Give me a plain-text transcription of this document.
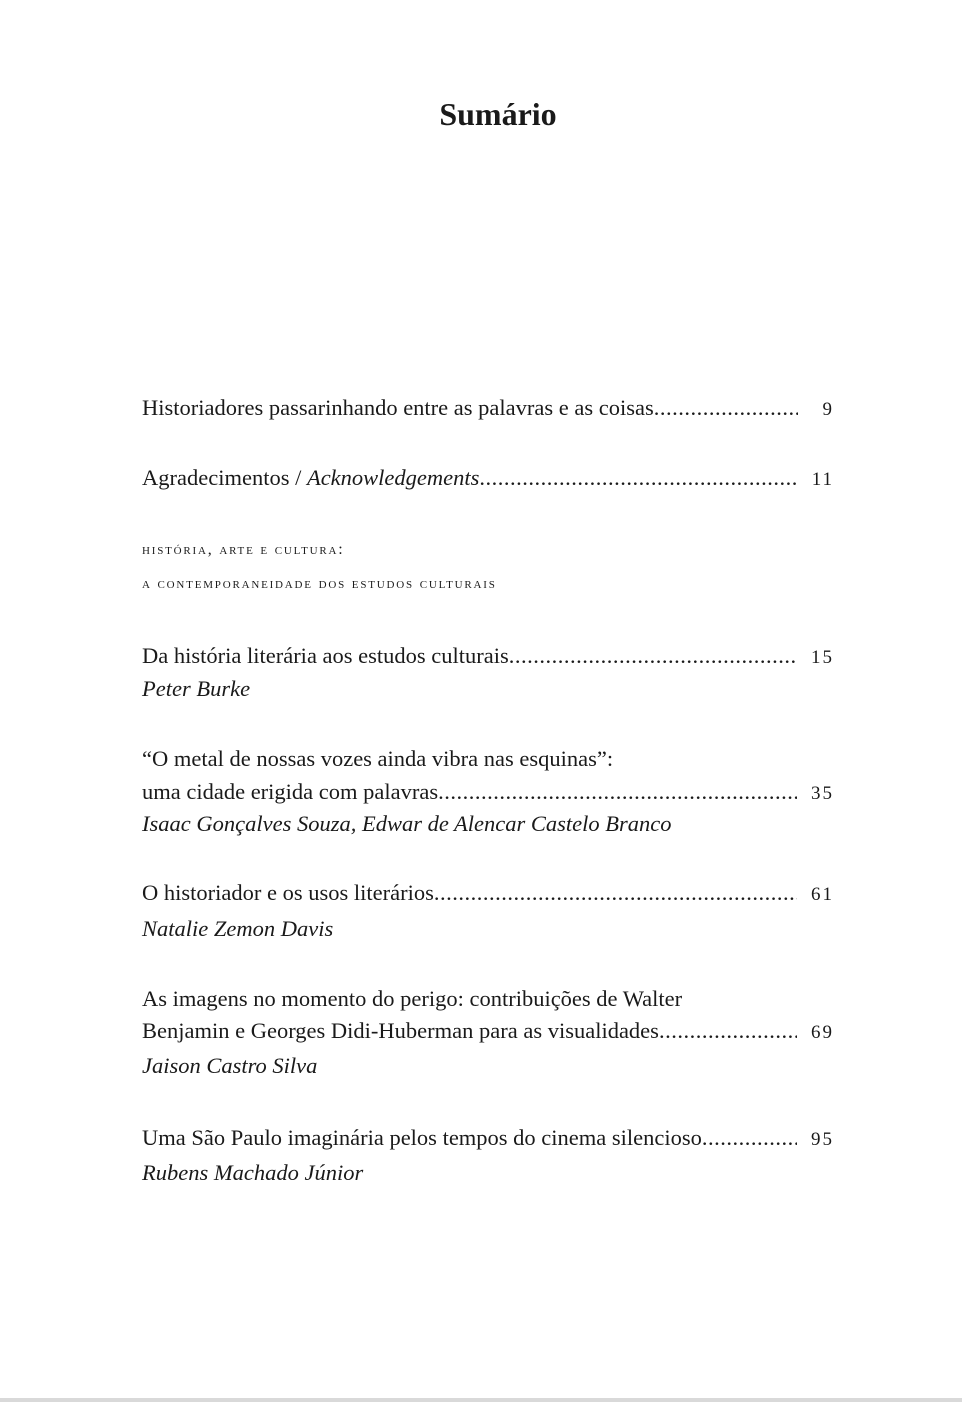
Sumário
Historiadores passarinhando entre as palavras e as coisas .....	9
Agradecimentos / Acknowledgements .....	11
história, arte e cultura:
a contemporaneidade dos estudos culturais
Da história literária aos estudos culturais .....	15
Peter Burke
“O metal de nossas vozes ainda vibra nas esquinas”:
uma cidade erigida com palavras .....	35
Isaac Gonçalves Souza, Edwar de Alencar Castelo Branco
O historiador e os usos literários .....	61
Natalie Zemon Davis
As imagens no momento do perigo: contribuições de Walter
Benjamin e Georges Didi-Huberman para as visualidades .....	69
Jaison Castro Silva
Uma São Paulo imaginária pelos tempos do cinema silencioso .....	95
Rubens Machado Júnior
